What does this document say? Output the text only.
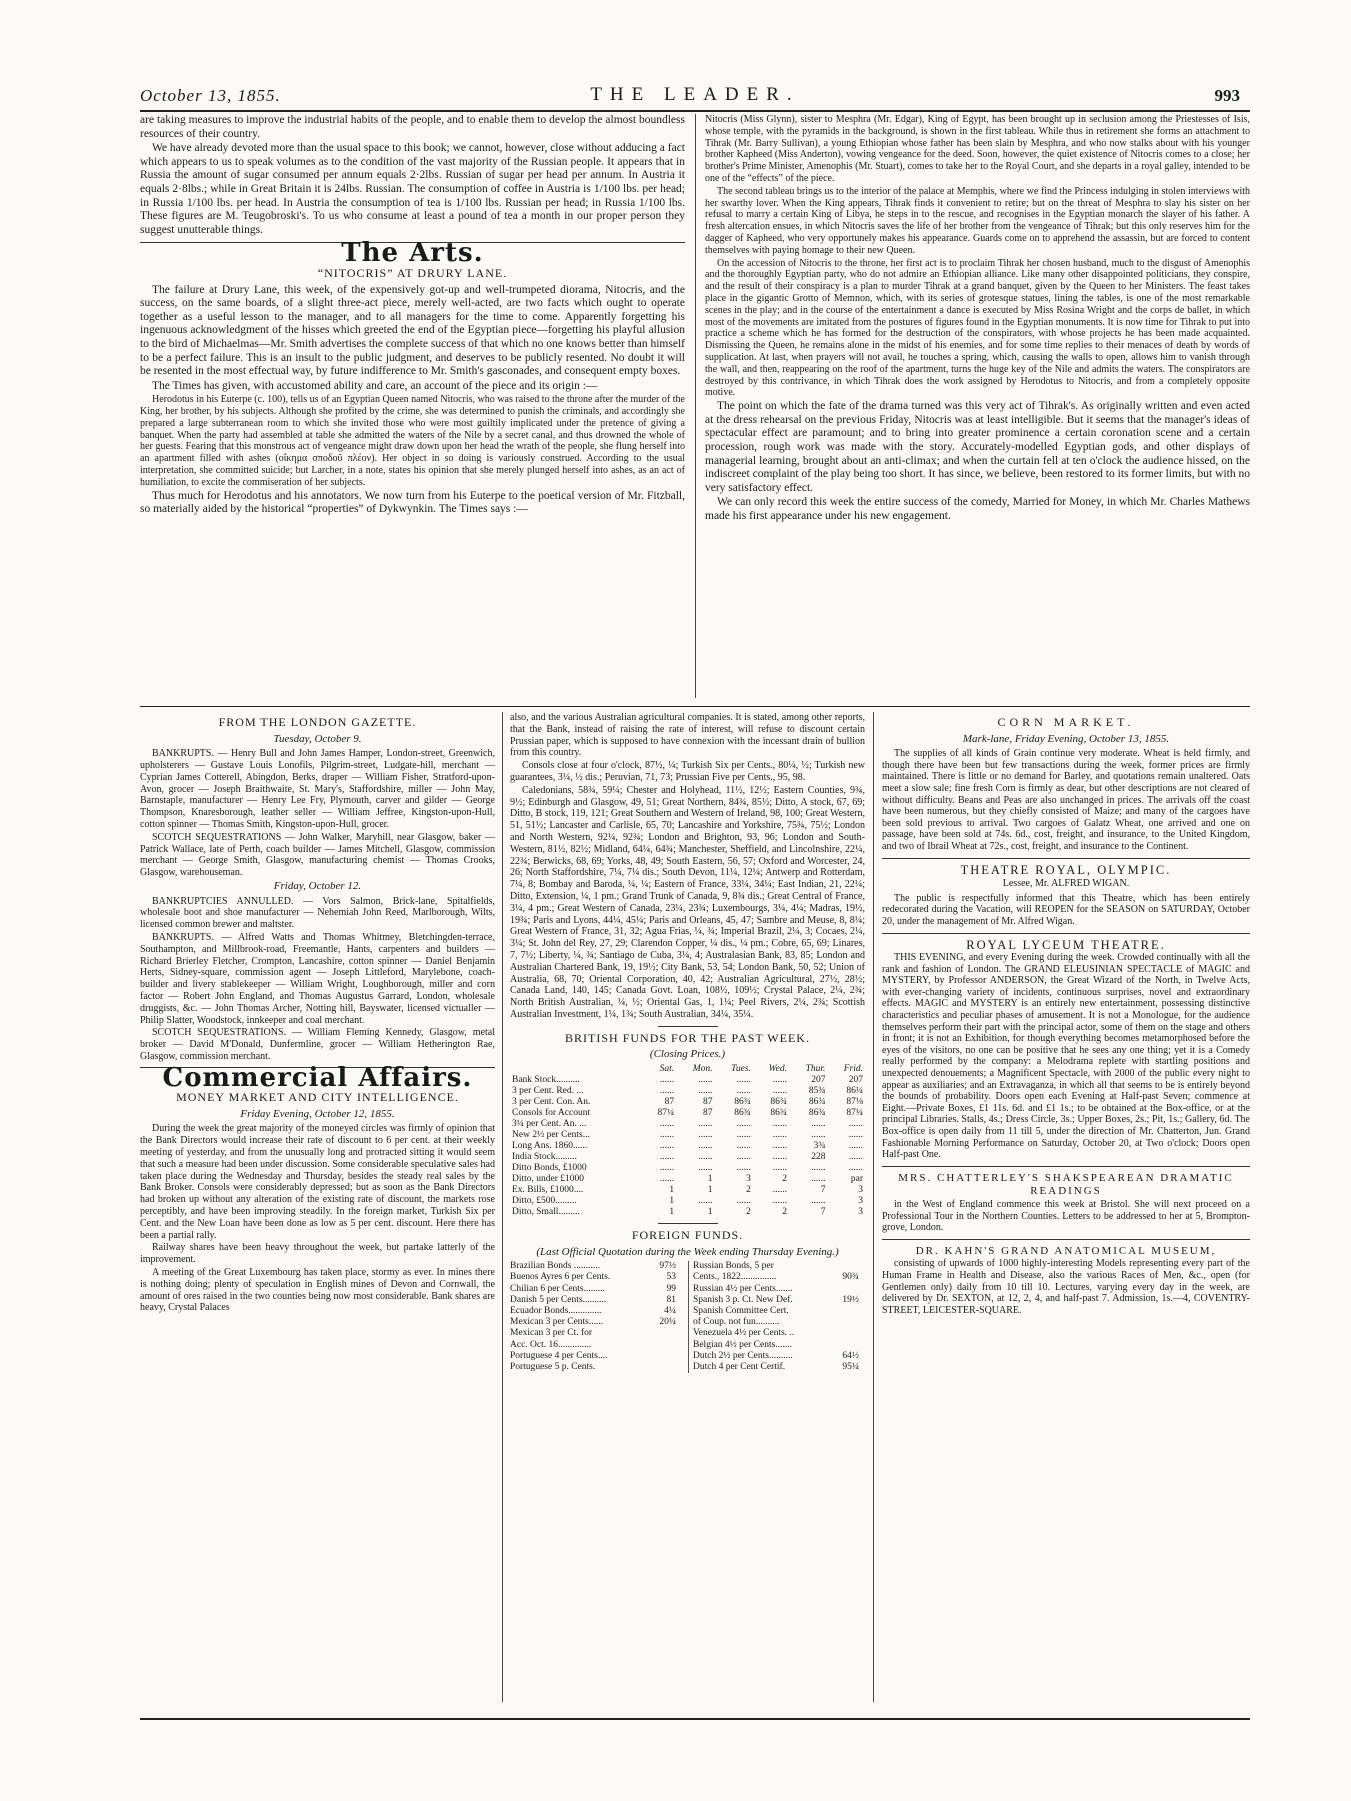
October 13, 1855.	THE LEADER.	993

are taking measures to improve the industrial habits of the people, and to enable them to develop the almost boundless resources of their country.

We have already devoted more than the usual space to this book; we cannot, however, close without adducing a fact which appears to us to speak volumes as to the condition of the vast majority of the Russian people. It appears that in Russia the amount of sugar consumed per annum equals 2·2lbs. Russian of sugar per head per annum. In Austria it equals 2·8lbs.; while in Great Britain it is 24lbs. Russian. The consumption of coffee in Austria is 1/100 lbs. per head; in Russia 1/100 lbs. per head. In Austria the consumption of tea is 1/100 lbs. Russian per head; in Russia 1/100 lbs. These figures are M. Teugobroski's. To us who consume at least a pound of tea a month in our proper person they suggest unutterable things.

The Arts.
“NITOCRIS” AT DRURY LANE.

The failure at Drury Lane, this week, of the expensively got-up and well-trumpeted diorama, Nitocris, and the success, on the same boards, of a slight three-act piece, merely well-acted, are two facts which ought to operate together as a useful lesson to the manager, and to all managers for the time to come. Apparently forgetting his ingenuous acknowledgment of the hisses which greeted the end of the Egyptian piece—forgetting his playful allusion to the bird of Michaelmas—Mr. Smith advertises the complete success of that which no one knows better than himself to be a perfect failure. This is an insult to the public judgment, and deserves to be publicly resented. No doubt it will be resented in the most effectual way, by future indifference to Mr. Smith's gasconades, and consequent empty boxes.

The Times has given, with accustomed ability and care, an account of the piece and its origin :—

Herodotus in his Euterpe (c. 100), tells us of an Egyptian Queen named Nitocris, who was raised to the throne after the murder of the King, her brother, by his subjects. Although she profited by the crime, she was determined to punish the criminals, and accordingly she prepared a large subterranean room to which she invited those who were most guiltily implicated under the pretence of giving a banquet. When the party had assembled at table she admitted the waters of the Nile by a secret canal, and thus drowned the whole of her guests. Fearing that this monstrous act of vengeance might draw down upon her head the wrath of the people, she flung herself into an apartment filled with ashes (οἴκημα σποδοῦ πλέον). Her object in so doing is variously construed. According to the usual interpretation, she committed suicide; but Larcher, in a note, states his opinion that she merely plunged herself into ashes, as an act of humiliation, to excite the commiseration of her subjects.

Thus much for Herodotus and his annotators. We now turn from his Euterpe to the poetical version of Mr. Fitzball, so materially aided by the historical “properties” of Dykwynkin. The Times says :—

Nitocris (Miss Glynn), sister to Mesphra (Mr. Edgar), King of Egypt, has been brought up in seclusion among the Priestesses of Isis, whose temple, with the pyramids in the background, is shown in the first tableau. While thus in retirement she forms an attachment to Tihrak (Mr. Barry Sullivan), a young Ethiopian whose father has been slain by Mesphra, and who now stalks about with his younger brother Kapheed (Miss Anderton), vowing vengeance for the deed. Soon, however, the quiet existence of Nitocris comes to a close; her brother's Prime Minister, Amenophis (Mr. Stuart), comes to take her to the Royal Court, and she departs in a royal galley, intended to be one of the “effects” of the piece.

The second tableau brings us to the interior of the palace at Memphis, where we find the Princess indulging in stolen interviews with her swarthy lover. When the King appears, Tihrak finds it convenient to retire; but on the threat of Mesphra to slay his sister on her refusal to marry a certain King of Libya, he steps in to the rescue, and recognises in the Egyptian monarch the slayer of his father. A fresh altercation ensues, in which Nitocris saves the life of her brother from the vengeance of Tihrak; but this only reserves him for the dagger of Kapheed, who very opportunely makes his appearance. Guards come on to apprehend the assassin, but are forced to content themselves with paying homage to their new Queen.

On the accession of Nitocris to the throne, her first act is to proclaim Tihrak her chosen husband, much to the disgust of Amenophis and the thoroughly Egyptian party, who do not admire an Ethiopian alliance. Like many other disappointed politicians, they conspire, and the result of their conspiracy is a plan to murder Tihrak at a grand banquet, given by the Queen to her Ministers. The feast takes place in the gigantic Grotto of Memnon, which, with its series of grotesque statues, lining the tables, is one of the most remarkable scenes in the play; and in the course of the entertainment a dance is executed by Miss Rosina Wright and the corps de ballet, in which most of the movements are imitated from the postures of figures found in the Egyptian monuments. It is now time for Tihrak to put into practice a scheme which he has formed for the destruction of the conspirators, with whose projects he has been made acquainted. Dismissing the Queen, he remains alone in the midst of his enemies, and for some time replies to their menaces of death by words of supplication. At last, when prayers will not avail, he touches a spring, which, causing the walls to open, allows him to vanish through the wall, and then, reappearing on the roof of the apartment, turns the huge key of the Nile and admits the waters. The conspirators are destroyed by this contrivance, in which Tihrak does the work assigned by Herodotus to Nitocris, and from a completely opposite motive.

The point on which the fate of the drama turned was this very act of Tihrak's. As originally written and even acted at the dress rehearsal on the previous Friday, Nitocris was at least intelligible. But it seems that the manager's ideas of spectacular effect are paramount; and to bring into greater prominence a certain coronation scene and a certain procession, rough work was made with the story. Accurately-modelled Egyptian gods, and other displays of managerial learning, brought about an anti-climax; and when the curtain fell at ten o'clock the audience hissed, on the indiscreet complaint of the play being too short. It has since, we believe, been restored to its former limits, but with no very satisfactory effect.

We can only record this week the entire success of the comedy, Married for Money, in which Mr. Charles Mathews made his first appearance under his new engagement.

FROM THE LONDON GAZETTE.
Tuesday, October 9.

BANKRUPTS. — Henry Bull and John James Hamper, London-street, Greenwich, upholsterers — Gustave Louis Lonofils, Pilgrim-street, Ludgate-hill, merchant — Cyprian James Cotterell, Abingdon, Berks, draper — William Fisher, Stratford-upon-Avon, grocer — Joseph Braithwaite, St. Mary's, Staffordshire, miller — John May, Barnstaple, manufacturer — Henry Lee Fry, Plymouth, carver and gilder — George Thompson, Knaresborough, leather seller — William Jeffree, Kingston-upon-Hull, cotton spinner — Thomas Smith, Kingston-upon-Hull, grocer.

SCOTCH SEQUESTRATIONS — John Walker, Maryhill, near Glasgow, baker — Patrick Wallace, late of Perth, coach builder — James Mitchell, Glasgow, commission merchant — George Smith, Glasgow, manufacturing chemist — Thomas Crooks, Glasgow, warehouseman.

Friday, October 12.

BANKRUPTCIES ANNULLED. — Vors Salmon, Brick-lane, Spitalfields, wholesale boot and shoe manufacturer — Nehemiah John Reed, Marlborough, Wilts, licensed common brewer and maltster.

BANKRUPTS. — Alfred Watts and Thomas Whitmey, Bletchingden-terrace, Southampton, and Millbrook-road, Freemantle, Hants, carpenters and builders — Richard Brierley Fletcher, Crompton, Lancashire, cotton spinner — Daniel Benjamin Herts, Sidney-square, commission agent — Joseph Littleford, Marylebone, coach-builder and livery stablekeeper — William Wright, Loughborough, miller and corn factor — Robert John England, and Thomas Augustus Garrard, London, wholesale druggists, &c. — John Thomas Archer, Notting hill, Bayswater, licensed victualler — Philip Slatter, Woodstock, innkeeper and coal merchant.

SCOTCH SEQUESTRATIONS. — William Fleming Kennedy, Glasgow, metal broker — David M'Donald, Dunfermline, grocer — William Hetherington Rae, Glasgow, commission merchant.

Commercial Affairs.
MONEY MARKET AND CITY INTELLIGENCE.
Friday Evening, October 12, 1855.

During the week the great majority of the moneyed circles was firmly of opinion that the Bank Directors would increase their rate of discount to 6 per cent. at their weekly meeting of yesterday, and from the unusually long and protracted sitting it would seem that such a measure had been under discussion. Some considerable speculative sales had taken place during the Wednesday and Thursday, besides the steady real sales by the Bank Broker. Consols were considerably depressed; but as soon as the Bank Directors had broken up without any alteration of the existing rate of discount, the markets rose perceptibly, and have been improving steadily. In the foreign market, Turkish Six per Cent. and the New Loan have been done as low as 5 per cent. discount. Here there has been a partial rally.

Railway shares have been heavy throughout the week, but partake latterly of the improvement.

A meeting of the Great Luxembourg has taken place, stormy as ever. In mines there is nothing doing; plenty of speculation in English mines of Devon and Cornwall, the amount of ores raised in the two counties being now most considerable. Bank shares are heavy, Crystal Palaces

also, and the various Australian agricultural companies. It is stated, among other reports, that the Bank, instead of raising the rate of interest, will refuse to discount certain Prussian paper, which is supposed to have connexion with the incessant drain of bullion from this country.

Consols close at four o'clock, 87½, ¼; Turkish Six per Cents., 80¼, ½; Turkish new guarantees, 3¼, ½ dis.; Peruvian, 71, 73; Prussian Five per Cents., 95, 98.

Caledonians, 58¾, 59¼; Chester and Holyhead, 11½, 12½; Eastern Counties, 9¾, 9½; Edinburgh and Glasgow, 49, 51; Great Northern, 84¾, 85½; Ditto, A stock, 67, 69; Ditto, B stock, 119, 121; Great Southern and Western of Ireland, 98, 100; Great Western, 51, 51½; Lancaster and Carlisle, 65, 70; Lancashire and Yorkshire, 75¾, 75½; London and North Western, 92¼, 92¾; London and Brighton, 93, 96; London and South-Western, 81½, 82½; Midland, 64¼, 64¾; Manchester, Sheffield, and Lincolnshire, 22¼, 22¾; Berwicks, 68, 69; Yorks, 48, 49; South Eastern, 56, 57; Oxford and Worcester, 24, 26; North Staffordshire, 7¼, 7¼ dis.; South Devon, 11¼, 12¼; Antwerp and Rotterdam, 7¼, 8; Bombay and Baroda, ¼, ¼; Eastern of France, 33¼, 34¼; East Indian, 21, 22¼; Ditto, Extension, ¼, 1 pm.; Grand Trunk of Canada, 9, 8¾ dis.; Great Central of France, 3¼, 4 pm.; Great Western of Canada, 23¼, 23¾; Luxembourgs, 3¼, 4¼; Madras, 19½, 19¾; Paris and Lyons, 44¼, 45¼; Paris and Orleans, 45, 47; Sambre and Meuse, 8, 8¼; Great Western of France, 31, 32; Agua Frias, ¼, ¾; Imperial Brazil, 2¼, 3; Cocaes, 2¼, 3¼; St. John del Rey, 27, 29; Clarendon Copper, ¼ dis., ¼ pm.; Cobre, 65, 69; Linares, 7, 7½; Liberty, ¼, ¾; Santiago de Cuba, 3¼, 4; Australasian Bank, 83, 85; London and Australian Chartered Bank, 19, 19½; City Bank, 53, 54; London Bank, 50, 52; Union of Australia, 68, 70; Oriental Corporation, 40, 42; Australian Agricultural, 27½, 28½; Canada Land, 140, 145; Canada Govt. Loan, 108½, 109½; Crystal Palace, 2¼, 2¾; North British Australian, ¼, ½; Oriental Gas, 1, 1¼; Peel Rivers, 2¼, 2¾; Scottish Australian Investment, 1¼, 1¾; South Australian, 34¼, 35¼.

BRITISH FUNDS FOR THE PAST WEEK.
(Closing Prices.)
	Sat.	Mon.	Tues.	Wed.	Thur.	Frid.
Bank Stock..........	......	......	......	......	207	207
3 per Cent. Red. ...	......	......	......	......	85¾	86¼
3 per Cent. Con. An.	87	87	86¾	86¾	86¾	87⅛
Consols for Account	87¼	87	86¾	86¾	86¾	87¼
3¼ per Cent. An. ...	......	......	......	......	......	......
New 2½ per Cents...	......	......	......	......	......	......
Long Ans. 1860......	......	......	......	......	3¾	......
India Stock.........	......	......	......	......	228	......
Ditto Bonds, £1000	......	......	......	......	......	......
Ditto, under £1000	......	1	3	2	......	par
Ex. Bills, £1000....	1	1	2	......	7	3
Ditto, £500.........	1	......	......	......	......	3
Ditto, Small.........	1	1	2	2	7	3
FOREIGN FUNDS.
(Last Official Quotation during the Week ending Thursday Evening.)
Brazilian Bonds ...........	97½
Buenos Ayres 6 per Cents.	53
Chilian 6 per Cents.........	99
Danish 5 per Cents..........	81
Ecuador Bonds..............	4¼
Mexican 3 per Cents......	20¼
Mexican 3 per Ct. for
Acc. Oct. 16..............
Portuguese 4 per Cents....
Portuguese 5 p. Cents.
Russian Bonds, 5 per
Cents., 1822...............	90¾
Russian 4½ per Cents.......
Spanish 3 p. Ct. New Def.	19½
Spanish Committee Cert.
of Coup. not fun..........
Venezuela 4½ per Cents. ..
Belgian 4½ per Cents.......
Dutch 2½ per Cents..........	64½
Dutch 4 per Cent Certif.	95¼
CORN MARKET.
Mark-lane, Friday Evening, October 13, 1855.

The supplies of all kinds of Grain continue very moderate. Wheat is held firmly, and though there have been but few transactions during the week, former prices are firmly maintained. There is little or no demand for Barley, and quotations remain unaltered. Oats meet a slow sale; fine fresh Corn is firmly as dear, but other descriptions are not cleared of without difficulty. Beans and Peas are also unchanged in prices. The arrivals off the coast have been numerous, but they chiefly consisted of Maize; and many of the cargoes have been sold previous to arrival. Two cargoes of Galatz Wheat, one arrived and one on passage, have been sold at 74s. 6d., cost, freight, and insurance, to the United Kingdom, and two of Ibrail Wheat at 72s., cost, freight, and insurance to the Continent.

THEATRE ROYAL, OLYMPIC.
Lessee, Mr. ALFRED WIGAN.

The public is respectfully informed that this Theatre, which has been entirely redecorated during the Vacation, will REOPEN for the SEASON on SATURDAY, October 20, under the management of Mr. Alfred Wigan.

ROYAL LYCEUM THEATRE.

THIS EVENING, and every Evening during the week. Crowded continually with all the rank and fashion of London. The GRAND ELEUSINIAN SPECTACLE of MAGIC and MYSTERY, by Professor ANDERSON, the Great Wizard of the North, in Twelve Acts, with ever-changing variety of incidents, continuous surprises, novel and extraordinary effects. MAGIC and MYSTERY is an entirely new entertainment, possessing distinctive characteristics and peculiar phases of amusement. It is not a Monologue, for the audience themselves perform their part with the principal actor, some of them on the stage and others in front; it is not an Exhibition, for though everything becomes metamorphosed before the eyes of the visitors, no one can be positive that he sees any one thing; yet it is a Comedy really performed by the company: a Melodrama replete with startling positions and unexpected denouements; a Magnificent Spectacle, with 2000 of the public every night to appear as auxiliaries; and an Extravaganza, in which all that seems to be is entirely beyond the bounds of probability. Doors open each Evening at Half-past Seven; commence at Eight.—Private Boxes, £1 11s. 6d. and £1 1s.; to be obtained at the Box-office, or at the principal Libraries. Stalls, 4s.; Dress Circle, 3s.; Upper Boxes, 2s.; Pit, 1s.; Gallery, 6d. The Box-office is open daily from 11 till 5, under the direction of Mr. Chatterton, Jun. Grand Fashionable Morning Performance on Saturday, October 20, at Two o'clock; Doors open Half-past One.

MRS. CHATTERLEY'S SHAKSPEAREAN DRAMATIC READINGS

in the West of England commence this week at Bristol. She will next proceed on a Professional Tour in the Northern Counties. Letters to be addressed to her at 5, Brompton-grove, London.

DR. KAHN'S GRAND ANATOMICAL MUSEUM,

consisting of upwards of 1000 highly-interesting Models representing every part of the Human Frame in Health and Disease, also the various Races of Men, &c., open (for Gentlemen only) daily from 10 till 10. Lectures, varying every day in the week, are delivered by Dr. SEXTON, at 12, 2, 4, and half-past 7. Admission, 1s.—4, COVENTRY-STREET, LEICESTER-SQUARE.
